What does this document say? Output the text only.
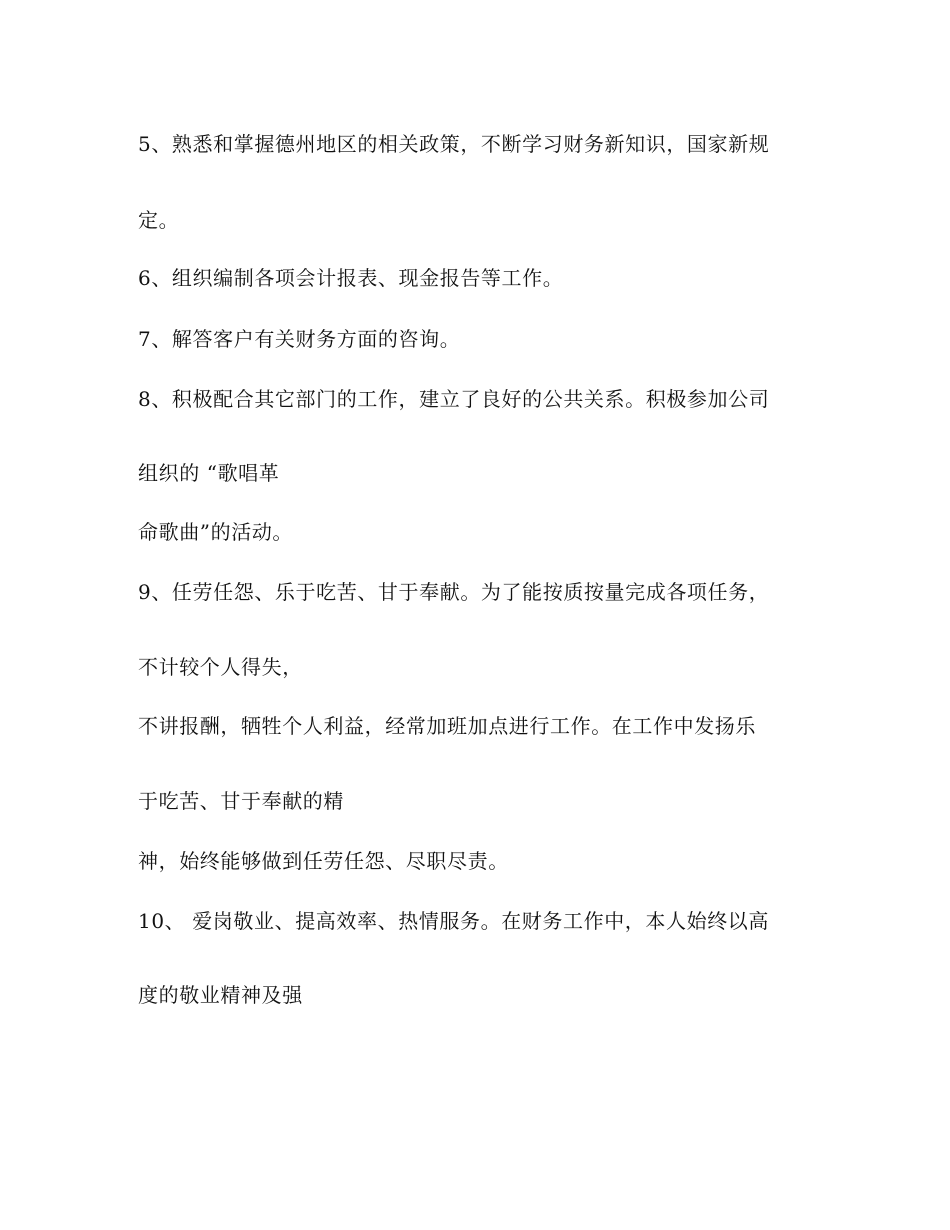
5、熟悉和掌握德州地区的相关政策，不断学习财务新知识，国家新规

定。

6、组织编制各项会计报表、现金报告等工作。

7、解答客户有关财务方面的咨询。

8、积极配合其它部门的工作，建立了良好的公共关系。积极参加公司

组织的 “歌唱革

命歌曲”的活动。

9、任劳任怨、乐于吃苦、甘于奉献。为了能按质按量完成各项任务，

不计较个人得失，

不讲报酬，牺牲个人利益，经常加班加点进行工作。在工作中发扬乐

于吃苦、甘于奉献的精

神，始终能够做到任劳任怨、尽职尽责。

10、 爱岗敬业、提高效率、热情服务。在财务工作中，本人始终以高

度的敬业精神及强
